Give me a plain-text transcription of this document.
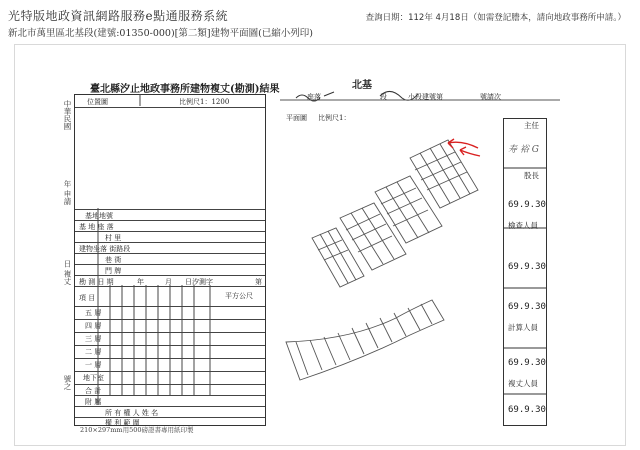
光特版地政資訊網路服務e點通服務系統
新北市萬里區北基段(建號:01350-000)[第二類]建物平面圖(已縮小列印)
查詢日期：112年 4月18日（如需登記謄本，請向地政事務所申請。）
中華民國
年 申請
日 複丈
號之
臺北縣汐止地政事務所建物複丈(勘測)結果
位置圖	比例尺1：1200
基地地號
基 地 座 落
村 里
建物坐落 街路段
巷 衖
門 牌
勘 測 日 期	年	月 日汐測字	第
項 目	平方公尺
五 層
四 層
三 層
二 層
一 層
地下室
合 計
附 屬
所 有 權 人 姓 名
權 利 範 圍
210×297mm用500磅證書專用紙印製
北基
座落	段	小段建號第	號請次
平面圖 比例尺1：
主任
寿 裕 G
股長
69.9.30
檢查人員
69.9.30
69.9.30
計算人員
69.9.30
複丈人員
69.9.30
